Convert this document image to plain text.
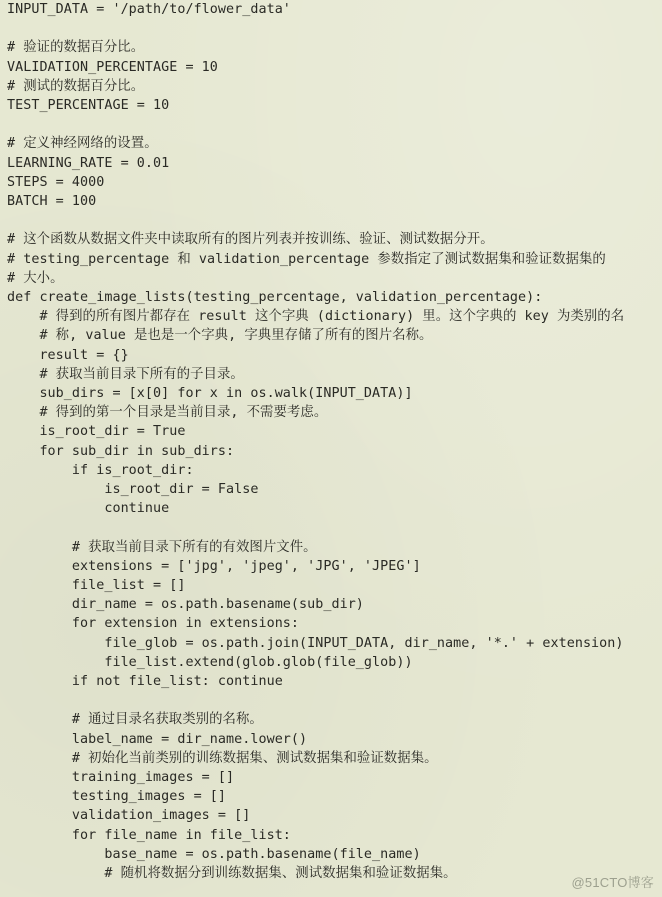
INPUT_DATA = '/path/to/flower_data'
# 验证的数据百分比。
VALIDATION_PERCENTAGE = 10
# 测试的数据百分比。
TEST_PERCENTAGE = 10
# 定义神经网络的设置。
LEARNING_RATE = 0.01
STEPS = 4000
BATCH = 100
# 这个函数从数据文件夹中读取所有的图片列表并按训练、验证、测试数据分开。
# testing_percentage 和 validation_percentage 参数指定了测试数据集和验证数据集的
# 大小。
def create_image_lists(testing_percentage, validation_percentage):
# 得到的所有图片都存在 result 这个字典 (dictionary) 里。这个字典的 key 为类别的名
# 称, value 是也是一个字典, 字典里存储了所有的图片名称。
result = {}
# 获取当前目录下所有的子目录。
sub_dirs = [x[0] for x in os.walk(INPUT_DATA)]
# 得到的第一个目录是当前目录, 不需要考虑。
is_root_dir = True
for sub_dir in sub_dirs:
if is_root_dir:
is_root_dir = False
continue
# 获取当前目录下所有的有效图片文件。
extensions = ['jpg', 'jpeg', 'JPG', 'JPEG']
file_list = []
dir_name = os.path.basename(sub_dir)
for extension in extensions:
file_glob = os.path.join(INPUT_DATA, dir_name, '*.' + extension)
file_list.extend(glob.glob(file_glob))
if not file_list: continue
# 通过目录名获取类别的名称。
label_name = dir_name.lower()
# 初始化当前类别的训练数据集、测试数据集和验证数据集。
training_images = []
testing_images = []
validation_images = []
for file_name in file_list:
base_name = os.path.basename(file_name)
# 随机将数据分到训练数据集、测试数据集和验证数据集。
@51CTO博客
